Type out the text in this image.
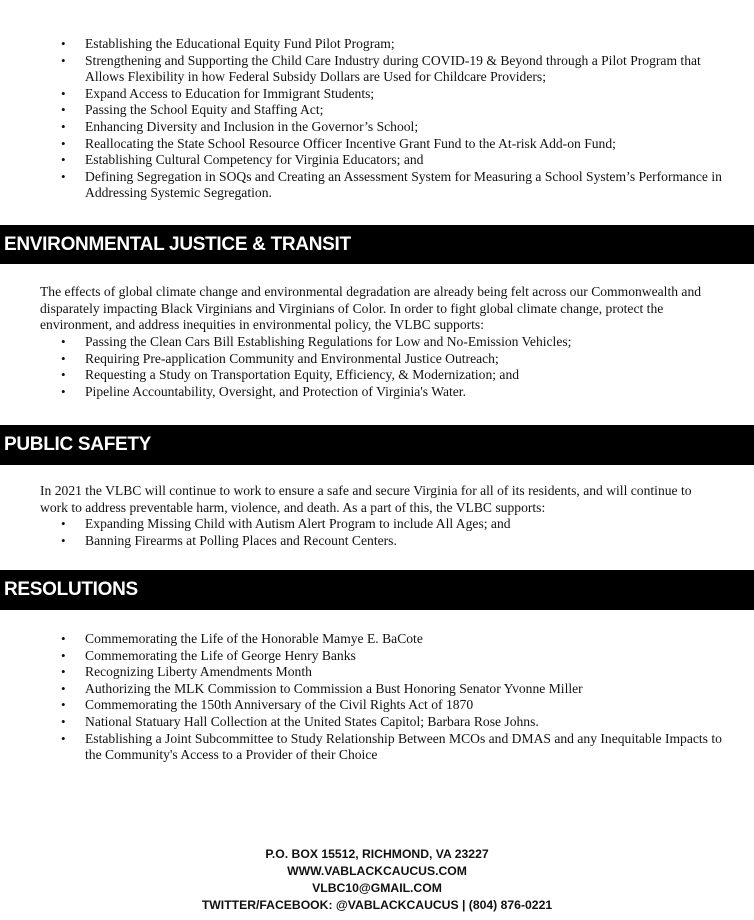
• Establishing the Educational Equity Fund Pilot Program;
• Strengthening and Supporting the Child Care Industry during COVID-19 & Beyond through a Pilot Program that Allows Flexibility in how Federal Subsidy Dollars are Used for Childcare Providers;
• Expand Access to Education for Immigrant Students;
• Passing the School Equity and Staffing Act;
• Enhancing Diversity and Inclusion in the Governor’s School;
• Reallocating the State School Resource Officer Incentive Grant Fund to the At-risk Add-on Fund;
• Establishing Cultural Competency for Virginia Educators; and
• Defining Segregation in SOQs and Creating an Assessment System for Measuring a School System’s Performance in Addressing Systemic Segregation.
ENVIRONMENTAL JUSTICE & TRANSIT
The effects of global climate change and environmental degradation are already being felt across our Commonwealth and disparately impacting Black Virginians and Virginians of Color. In order to fight global climate change, protect the environment, and address inequities in environmental policy, the VLBC supports:
• Passing the Clean Cars Bill Establishing Regulations for Low and No-Emission Vehicles;
• Requiring Pre-application Community and Environmental Justice Outreach;
• Requesting a Study on Transportation Equity, Efficiency, & Modernization; and
• Pipeline Accountability, Oversight, and Protection of Virginia's Water.
PUBLIC SAFETY
In 2021 the VLBC will continue to work to ensure a safe and secure Virginia for all of its residents, and will continue to work to address preventable harm, violence, and death. As a part of this, the VLBC supports:
• Expanding Missing Child with Autism Alert Program to include All Ages; and
• Banning Firearms at Polling Places and Recount Centers.
RESOLUTIONS
• Commemorating the Life of the Honorable Mamye E. BaCote
• Commemorating the Life of George Henry Banks
• Recognizing Liberty Amendments Month
• Authorizing the MLK Commission to Commission a Bust Honoring Senator Yvonne Miller
• Commemorating the 150th Anniversary of the Civil Rights Act of 1870
• National Statuary Hall Collection at the United States Capitol; Barbara Rose Johns.
• Establishing a Joint Subcommittee to Study Relationship Between MCOs and DMAS and any Inequitable Impacts to the Community's Access to a Provider of their Choice
P.O. BOX 15512, RICHMOND, VA 23227
WWW.VABLACKCAUCUS.COM
VLBC10@GMAIL.COM
TWITTER/FACEBOOK: @VABLACKCAUCUS | (804) 876-0221
